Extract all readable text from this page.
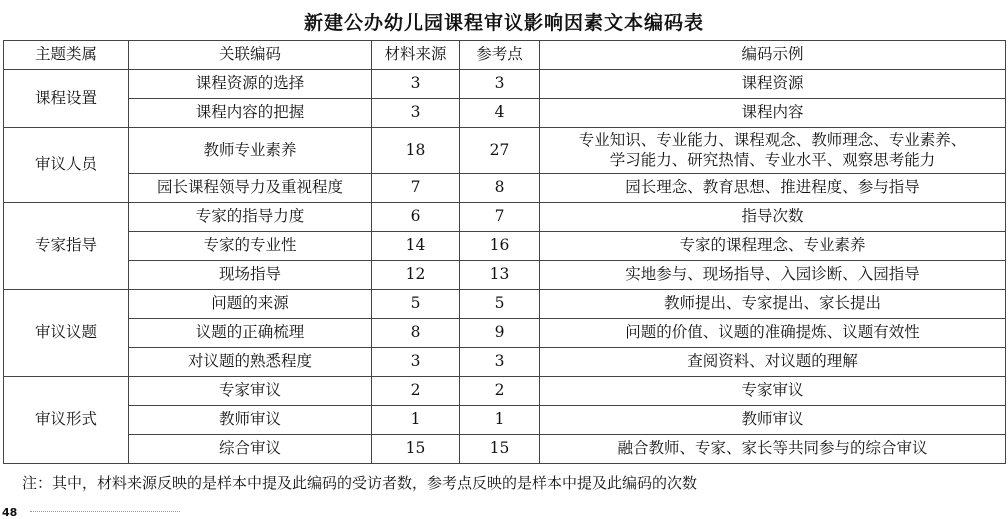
新建公办幼儿园课程审议影响因素文本编码表
主题类属	关联编码	材料来源	参考点	编码示例
课程设置	课程资源的选择	3	3	课程资源
	课程内容的把握	3	4	课程内容
审议人员	教师专业素养	18	27	专业知识、专业能力、课程观念、教师理念、专业素养、
学习能力、研究热情、专业水平、观察思考能力

	园长课程领导力及重视程度	7	8	园长理念、教育思想、推进程度、参与指导
专家指导	专家的指导力度	6	7	指导次数
	专家的专业性	14	16	专家的课程理念、专业素养
	现场指导	12	13	实地参与、现场指导、入园诊断、入园指导
审议议题	问题的来源	5	5	教师提出、专家提出、家长提出
	议题的正确梳理	8	9	问题的价值、议题的准确提炼、议题有效性
	对议题的熟悉程度	3	3	查阅资料、对议题的理解
审议形式	专家审议	2	2	专家审议
	教师审议	1	1	教师审议
	综合审议	15	15	融合教师、专家、家长等共同参与的综合审议
注：其中，材料来源反映的是样本中提及此编码的受访者数，参考点反映的是样本中提及此编码的次数
48
